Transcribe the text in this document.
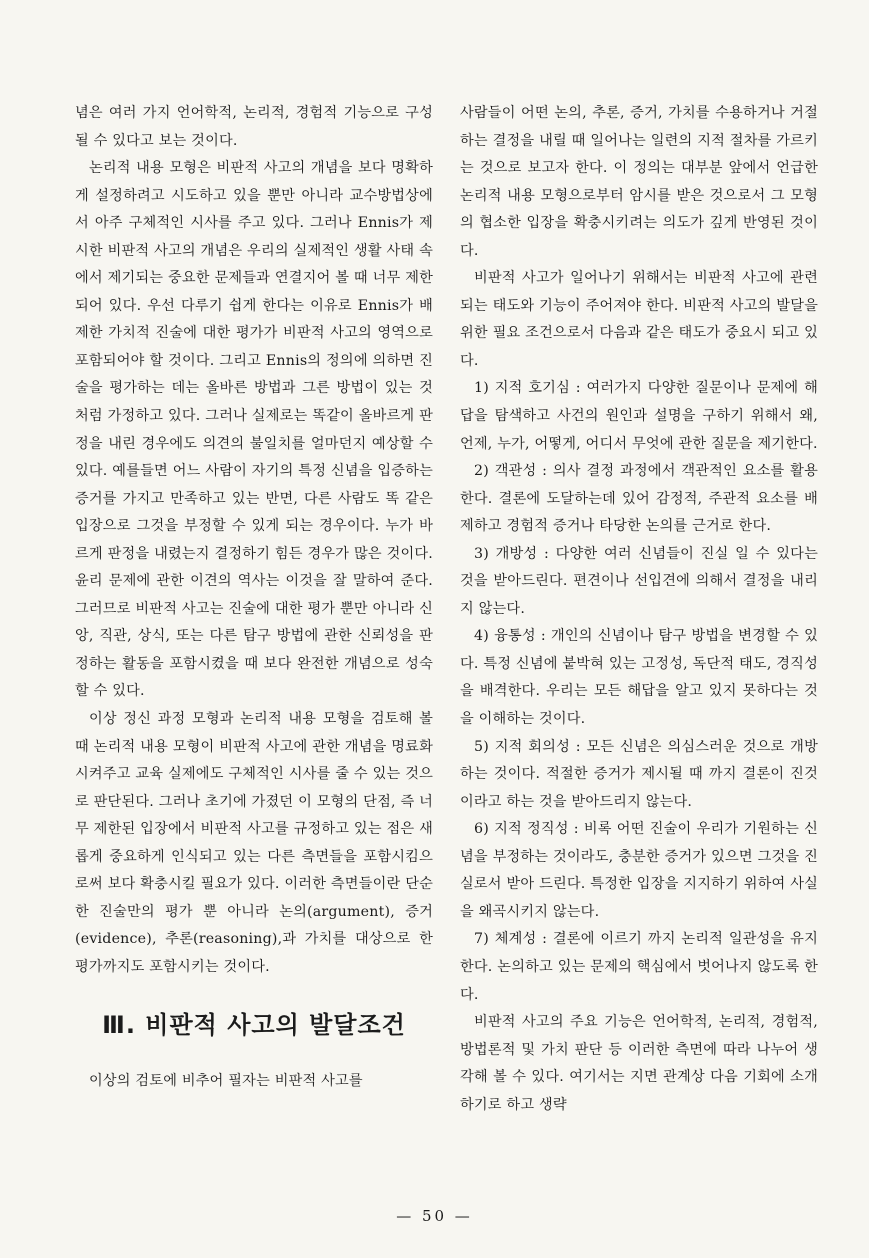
념은 여러 가지 언어학적, 논리적, 경험적 기능으로 구성될 수 있다고 보는 것이다.

논리적 내용 모형은 비판적 사고의 개념을 보다 명확하게 설정하려고 시도하고 있을 뿐만 아니라 교수방법상에서 아주 구체적인 시사를 주고 있다. 그러나 Ennis가 제시한 비판적 사고의 개념은 우리의 실제적인 생활 사태 속에서 제기되는 중요한 문제들과 연결지어 볼 때 너무 제한되어 있다. 우선 다루기 쉽게 한다는 이유로 Ennis가 배제한 가치적 진술에 대한 평가가 비판적 사고의 영역으로 포함되어야 할 것이다. 그리고 Ennis의 정의에 의하면 진술을 평가하는 데는 올바른 방법과 그른 방법이 있는 것 처럼 가정하고 있다. 그러나 실제로는 똑같이 올바르게 판정을 내린 경우에도 의견의 불일치를 얼마던지 예상할 수 있다. 예를들면 어느 사람이 자기의 특정 신념을 입증하는 증거를 가지고 만족하고 있는 반면, 다른 사람도 똑 같은 입장으로 그것을 부정할 수 있게 되는 경우이다. 누가 바르게 판정을 내렸는지 결정하기 힘든 경우가 많은 것이다. 윤리 문제에 관한 이견의 역사는 이것을 잘 말하여 준다. 그러므로 비판적 사고는 진술에 대한 평가 뿐만 아니라 신앙, 직관, 상식, 또는 다른 탐구 방법에 관한 신뢰성을 판정하는 활동을 포함시켰을 때 보다 완전한 개념으로 성숙할 수 있다.

이상 정신 과정 모형과 논리적 내용 모형을 검토해 볼 때 논리적 내용 모형이 비판적 사고에 관한 개념을 명료화 시켜주고 교육 실제에도 구체적인 시사를 줄 수 있는 것으로 판단된다. 그러나 초기에 가졌던 이 모형의 단점, 즉 너무 제한된 입장에서 비판적 사고를 규정하고 있는 점은 새롭게 중요하게 인식되고 있는 다른 측면들을 포함시킴으로써 보다 확충시킬 필요가 있다. 이러한 측면들이란 단순한 진술만의 평가 뿐 아니라 논의(argument), 증거(evidence), 추론(reasoning),과 가치를 대상으로 한 평가까지도 포함시키는 것이다.

Ⅲ. 비판적 사고의 발달조건

이상의 검토에 비추어 필자는 비판적 사고를

사람들이 어떤 논의, 추론, 증거, 가치를 수용하거나 거절하는 결정을 내릴 때 일어나는 일련의 지적 절차를 가르키는 것으로 보고자 한다. 이 정의는 대부분 앞에서 언급한 논리적 내용 모형으로부터 암시를 받은 것으로서 그 모형의 협소한 입장을 확충시키려는 의도가 깊게 반영된 것이다.

비판적 사고가 일어나기 위해서는 비판적 사고에 관련되는 태도와 기능이 주어져야 한다. 비판적 사고의 발달을 위한 필요 조건으로서 다음과 같은 태도가 중요시 되고 있다.

1) 지적 호기심 : 여러가지 다양한 질문이나 문제에 해답을 탐색하고 사건의 원인과 설명을 구하기 위해서 왜, 언제, 누가, 어떻게, 어디서 무엇에 관한 질문을 제기한다.

2) 객관성 : 의사 결정 과정에서 객관적인 요소를 활용한다. 결론에 도달하는데 있어 감정적, 주관적 요소를 배제하고 경험적 증거나 타당한 논의를 근거로 한다.

3) 개방성 : 다양한 여러 신념들이 진실 일 수 있다는 것을 받아드린다. 편견이나 선입견에 의해서 결정을 내리지 않는다.

4) 융통성 : 개인의 신념이나 탐구 방법을 변경할 수 있다. 특정 신념에 붙박혀 있는 고정성, 독단적 태도, 경직성을 배격한다. 우리는 모든 해답을 알고 있지 못하다는 것을 이해하는 것이다.

5) 지적 회의성 : 모든 신념은 의심스러운 것으로 개방하는 것이다. 적절한 증거가 제시될 때 까지 결론이 진것이라고 하는 것을 받아드리지 않는다.

6) 지적 정직성 : 비록 어떤 진술이 우리가 기원하는 신념을 부정하는 것이라도, 충분한 증거가 있으면 그것을 진실로서 받아 드린다. 특정한 입장을 지지하기 위하여 사실을 왜곡시키지 않는다.

7) 체계성 : 결론에 이르기 까지 논리적 일관성을 유지한다. 논의하고 있는 문제의 핵심에서 벗어나지 않도록 한다.

비판적 사고의 주요 기능은 언어학적, 논리적, 경험적, 방법론적 및 가치 판단 등 이러한 측면에 따라 나누어 생각해 볼 수 있다. 여기서는 지면 관계상 다음 기회에 소개하기로 하고 생략

— 50 —
